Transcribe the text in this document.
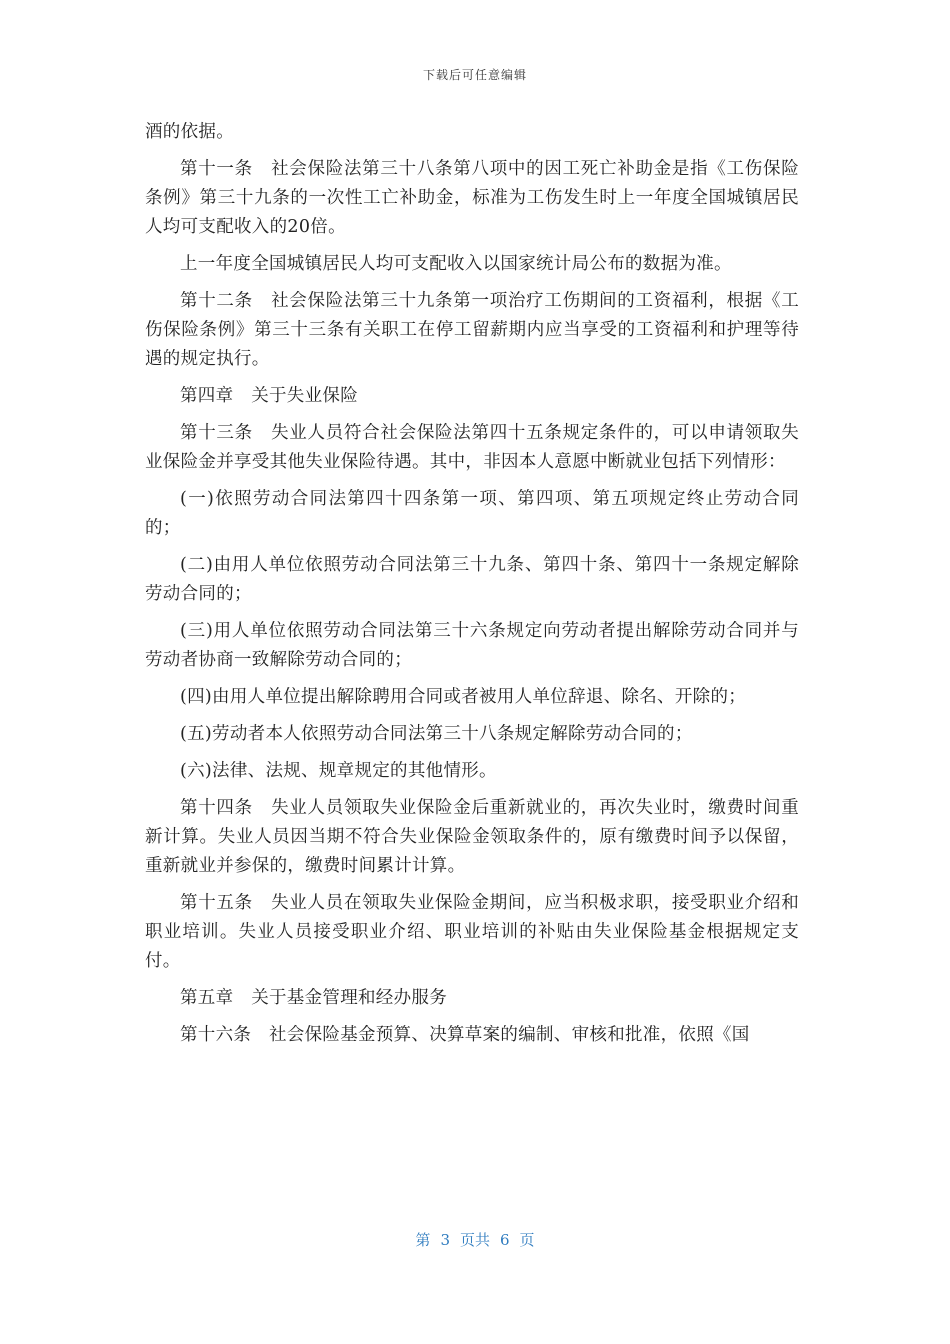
下载后可任意编辑

酒的依据。

第十一条　社会保险法第三十八条第八项中的因工死亡补助金是指《工伤保险条例》第三十九条的一次性工亡补助金，标准为工伤发生时上一年度全国城镇居民人均可支配收入的20倍。

上一年度全国城镇居民人均可支配收入以国家统计局公布的数据为准。

第十二条　社会保险法第三十九条第一项治疗工伤期间的工资福利，根据《工伤保险条例》第三十三条有关职工在停工留薪期内应当享受的工资福利和护理等待遇的规定执行。

第四章　关于失业保险

第十三条　失业人员符合社会保险法第四十五条规定条件的，可以申请领取失业保险金并享受其他失业保险待遇。其中，非因本人意愿中断就业包括下列情形：

(一)依照劳动合同法第四十四条第一项、第四项、第五项规定终止劳动合同的；

(二)由用人单位依照劳动合同法第三十九条、第四十条、第四十一条规定解除劳动合同的；

(三)用人单位依照劳动合同法第三十六条规定向劳动者提出解除劳动合同并与劳动者协商一致解除劳动合同的；

(四)由用人单位提出解除聘用合同或者被用人单位辞退、除名、开除的；

(五)劳动者本人依照劳动合同法第三十八条规定解除劳动合同的；

(六)法律、法规、规章规定的其他情形。

第十四条　失业人员领取失业保险金后重新就业的，再次失业时，缴费时间重新计算。失业人员因当期不符合失业保险金领取条件的，原有缴费时间予以保留，重新就业并参保的，缴费时间累计计算。

第十五条　失业人员在领取失业保险金期间，应当积极求职，接受职业介绍和职业培训。失业人员接受职业介绍、职业培训的补贴由失业保险基金根据规定支付。

第五章　关于基金管理和经办服务

第十六条　社会保险基金预算、决算草案的编制、审核和批准，依照《国

第 3 页共 6 页
